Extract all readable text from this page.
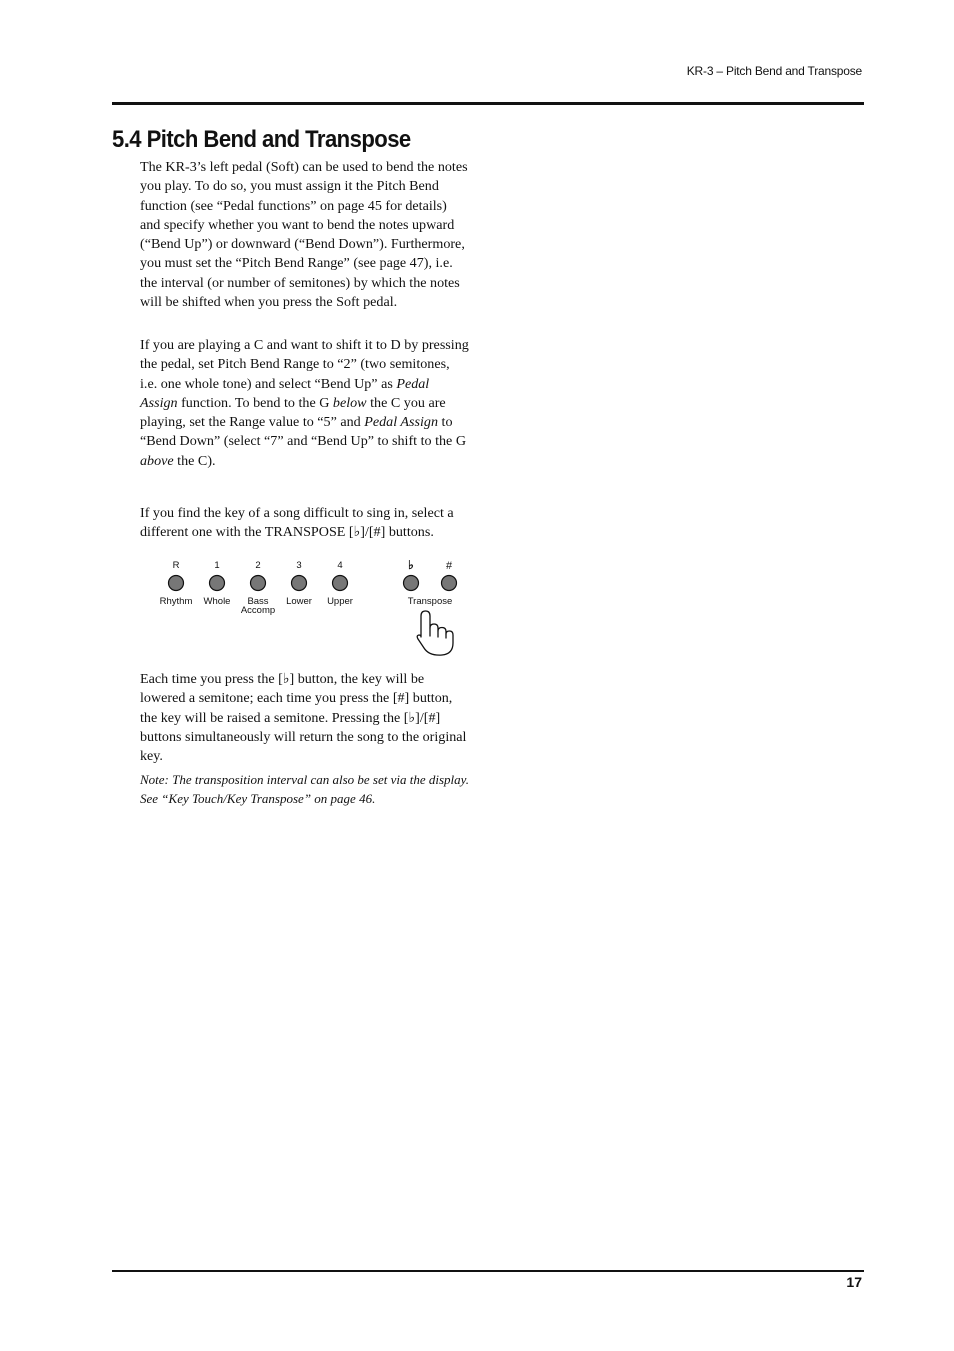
KR-3 – Pitch Bend and Transpose
5.4 Pitch Bend and Transpose

The KR-3’s left pedal (Soft) can be used to bend the notes you play. To do so, you must assign it the Pitch Bend function (see “Pedal functions” on page 45 for details) and specify whether you want to bend the notes upward (“Bend Up”) or downward (“Bend Down”). Furthermore, you must set the “Pitch Bend Range” (see page 47), i.e. the interval (or number of semitones) by which the notes will be shifted when you press the Soft pedal.

If you are playing a C and want to shift it to D by pressing the pedal, set Pitch Bend Range to “2” (two semitones, i.e. one whole tone) and select “Bend Up” as Pedal Assign function. To bend to the G below the C you are playing, set the Range value to “5” and Pedal Assign to “Bend Down” (select “7” and “Bend Up” to shift to the G above the C).

If you find the key of a song difficult to sing in, select a different one with the TRANSPOSE [♭]/[#] buttons.

R
Rhythm
1
Whole
2
Bass
Accomp
3
Lower
4
Upper
♭	#
Transpose

Each time you press the [♭] button, the key will be lowered a semitone; each time you press the [#] button, the key will be raised a semitone. Pressing the [♭]/[#] buttons simultaneously will return the song to the original key.

Note: The transposition interval can also be set via the display. See “Key Touch/Key Transpose” on page 46.

17
